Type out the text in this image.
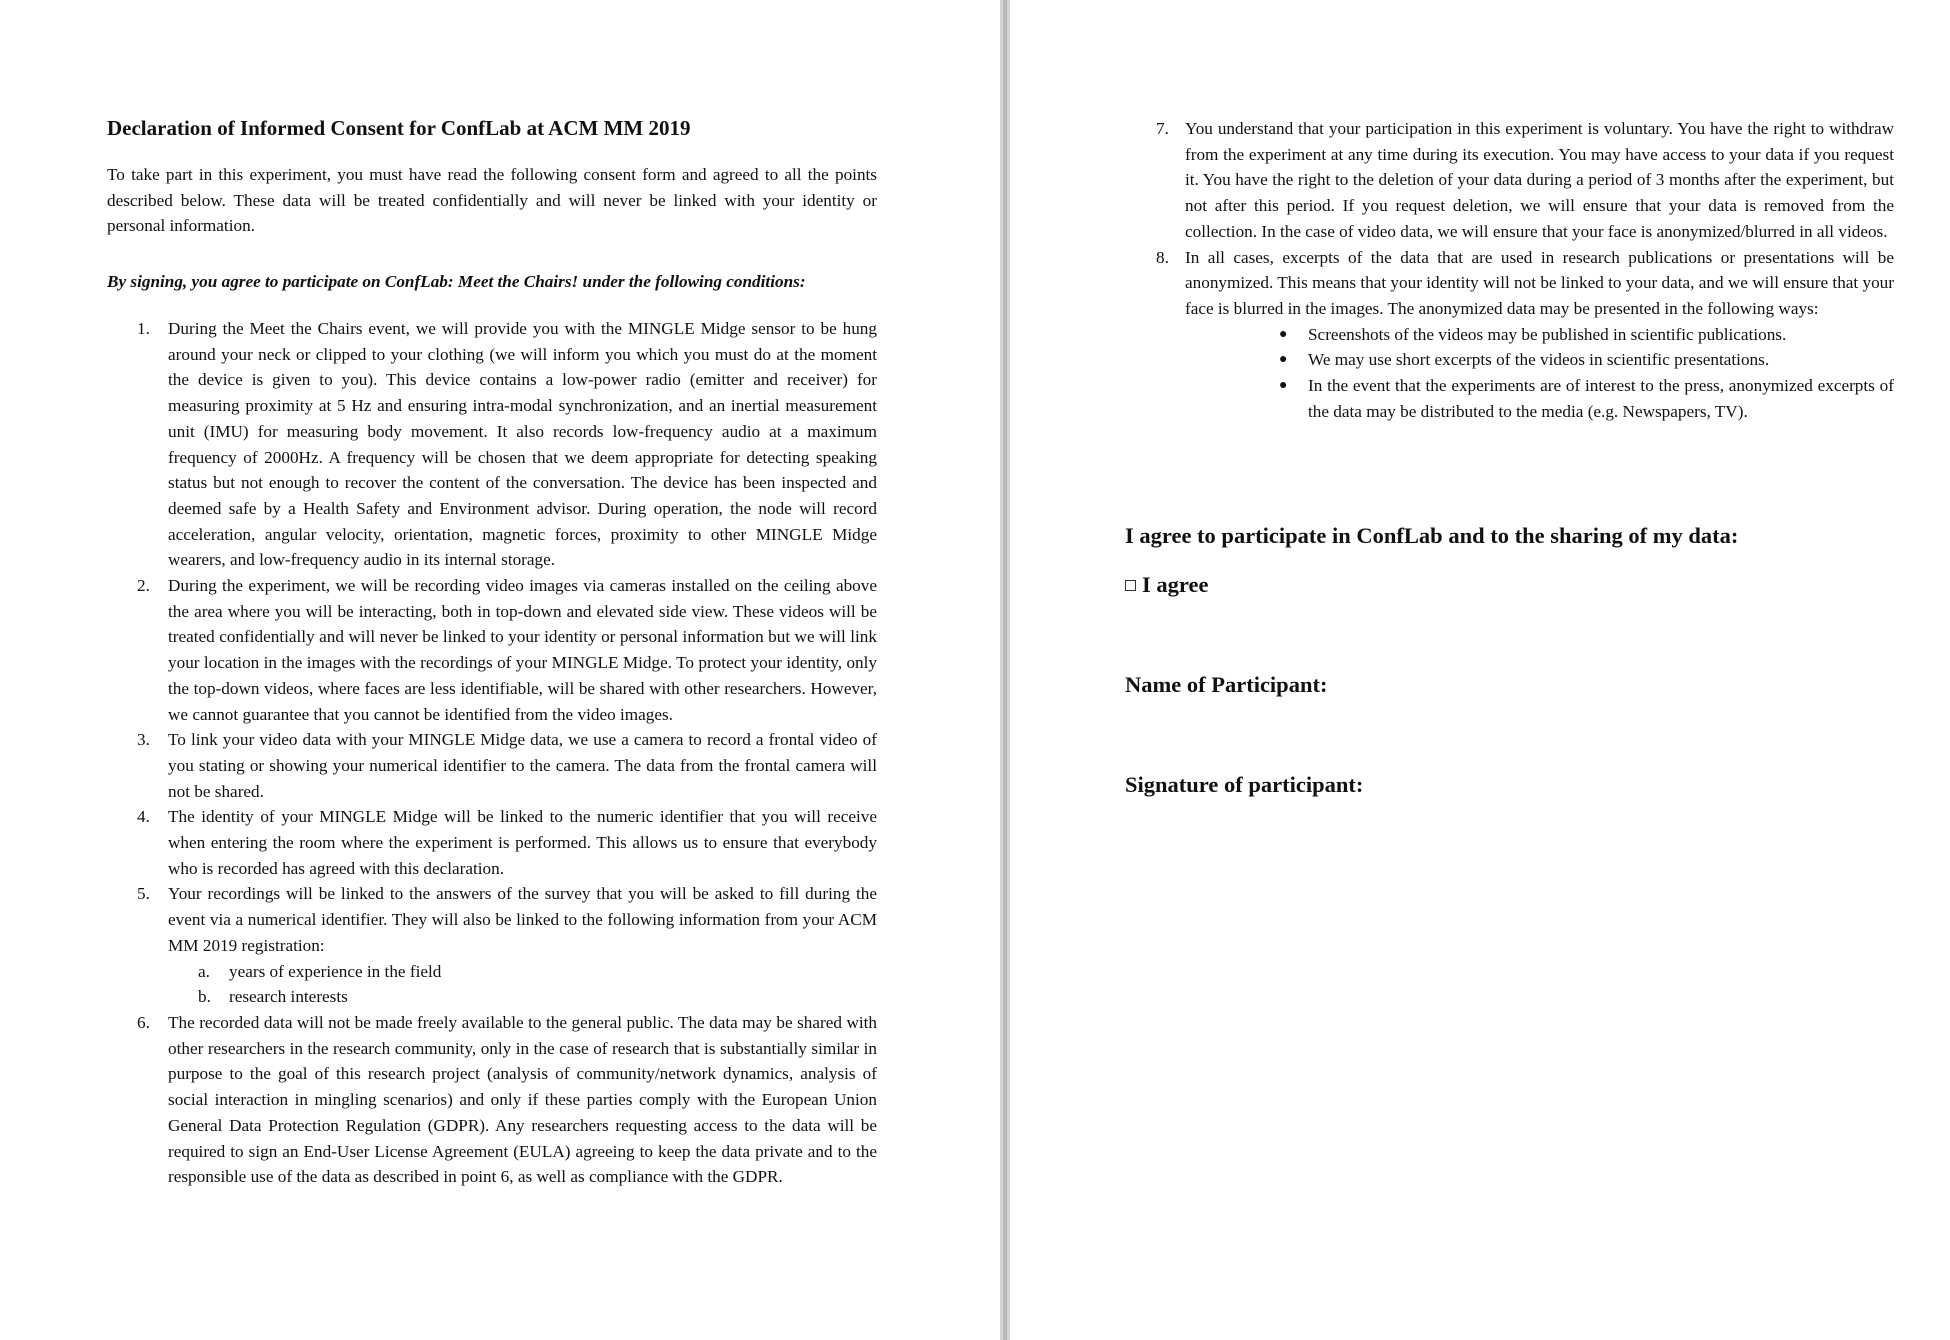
Declaration of Informed Consent for ConfLab at ACM MM 2019

To take part in this experiment, you must have read the following consent form and agreed to all the points described below. These data will be treated confidentially and will never be linked with your identity or personal information.

By signing, you agree to participate on ConfLab: Meet the Chairs! under the following conditions:

1. During the Meet the Chairs event, we will provide you with the MINGLE Midge sensor to be hung around your neck or clipped to your clothing (we will inform you which you must do at the moment the device is given to you). This device contains a low-power radio (emitter and receiver) for measuring proximity at 5 Hz and ensuring intra-modal synchronization, and an inertial measurement unit (IMU) for measuring body movement. It also records low-frequency audio at a maximum frequency of 2000Hz. A frequency will be chosen that we deem appropriate for detecting speaking status but not enough to recover the content of the conversation. The device has been inspected and deemed safe by a Health Safety and Environment advisor. During operation, the node will record acceleration, angular velocity, orientation, magnetic forces, proximity to other MINGLE Midge wearers, and low-frequency audio in its internal storage.
2. During the experiment, we will be recording video images via cameras installed on the ceiling above the area where you will be interacting, both in top-down and elevated side view. These videos will be treated confidentially and will never be linked to your identity or personal information but we will link your location in the images with the recordings of your MINGLE Midge. To protect your identity, only the top-down videos, where faces are less identifiable, will be shared with other researchers. However, we cannot guarantee that you cannot be identified from the video images.
3. To link your video data with your MINGLE Midge data, we use a camera to record a frontal video of you stating or showing your numerical identifier to the camera. The data from the frontal camera will not be shared.
4. The identity of your MINGLE Midge will be linked to the numeric identifier that you will receive when entering the room where the experiment is performed. This allows us to ensure that everybody who is recorded has agreed with this declaration.
5. Your recordings will be linked to the answers of the survey that you will be asked to fill during the event via a numerical identifier. They will also be linked to the following information from your ACM MM 2019 registration:
a. years of experience in the field
b. research interests
6. The recorded data will not be made freely available to the general public. The data may be shared with other researchers in the research community, only in the case of research that is substantially similar in purpose to the goal of this research project (analysis of community/network dynamics, analysis of social interaction in mingling scenarios) and only if these parties comply with the European Union General Data Protection Regulation (GDPR). Any researchers requesting access to the data will be required to sign an End-User License Agreement (EULA) agreeing to keep the data private and to the responsible use of the data as described in point 6, as well as compliance with the GDPR.
7. You understand that your participation in this experiment is voluntary. You have the right to withdraw from the experiment at any time during its execution. You may have access to your data if you request it. You have the right to the deletion of your data during a period of 3 months after the experiment, but not after this period. If you request deletion, we will ensure that your data is removed from the collection. In the case of video data, we will ensure that your face is anonymized/blurred in all videos.
8. In all cases, excerpts of the data that are used in research publications or presentations will be anonymized. This means that your identity will not be linked to your data, and we will ensure that your face is blurred in the images. The anonymized data may be presented in the following ways:
● Screenshots of the videos may be published in scientific publications.
● We may use short excerpts of the videos in scientific presentations.
● In the event that the experiments are of interest to the press, anonymized excerpts of the data may be distributed to the media (e.g. Newspapers, TV).

I agree to participate in ConfLab and to the sharing of my data:

I agree

Name of Participant:

Signature of participant:
